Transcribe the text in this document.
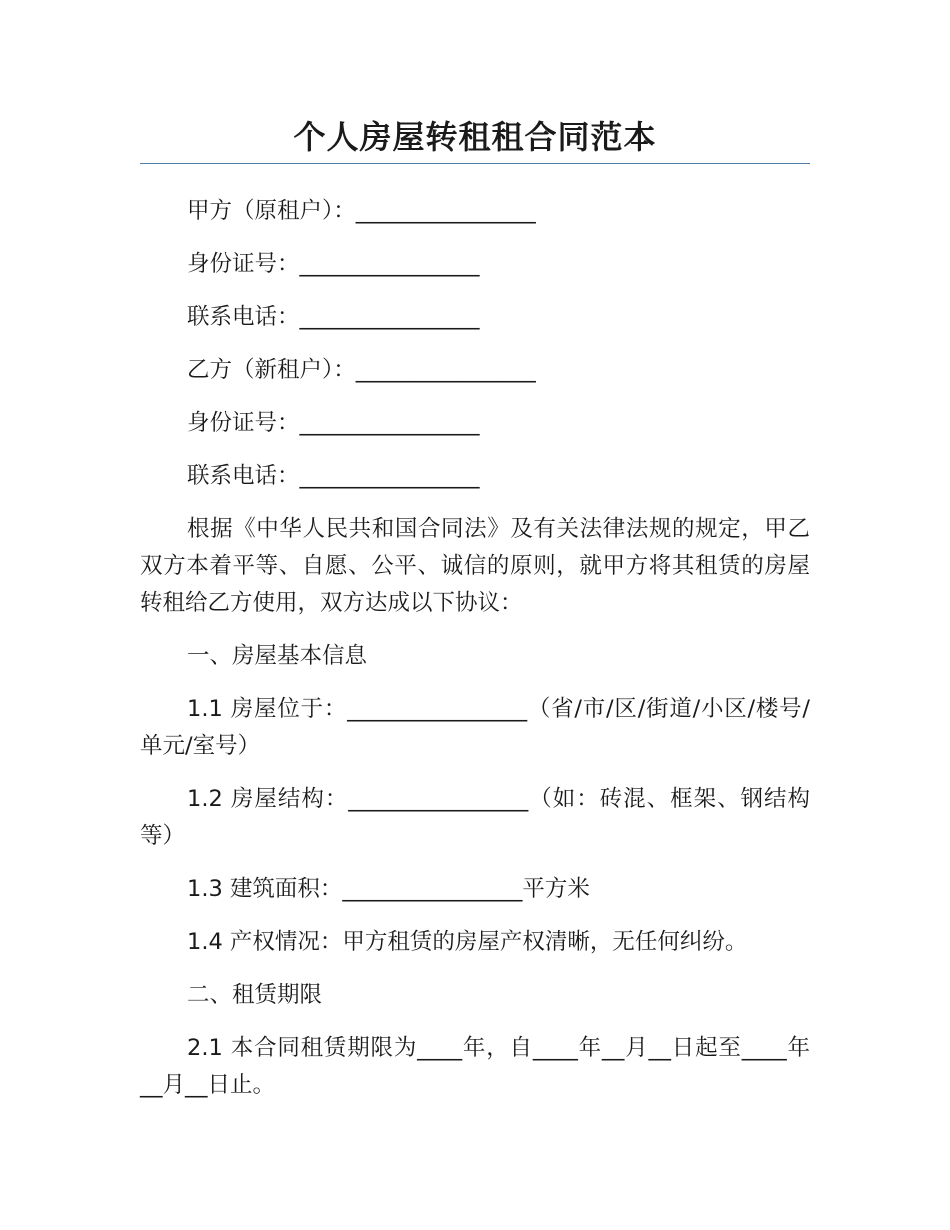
个人房屋转租租合同范本

甲方（原租户）：________________

身份证号：________________

联系电话：________________

乙方（新租户）：________________

身份证号：________________

联系电话：________________

根据《中华人民共和国合同法》及有关法律法规的规定，甲乙双方本着平等、自愿、公平、诚信的原则，就甲方将其租赁的房屋转租给乙方使用，双方达成以下协议：

一、房屋基本信息

1.1 房屋位于：________________（省/市/区/街道/小区/楼号/单元/室号）

1.2 房屋结构：________________（如：砖混、框架、钢结构等）

1.3 建筑面积：________________平方米

1.4 产权情况：甲方租赁的房屋产权清晰，无任何纠纷。

二、租赁期限

2.1 本合同租赁期限为____年，自____年__月__日起至____年__月__日止。
